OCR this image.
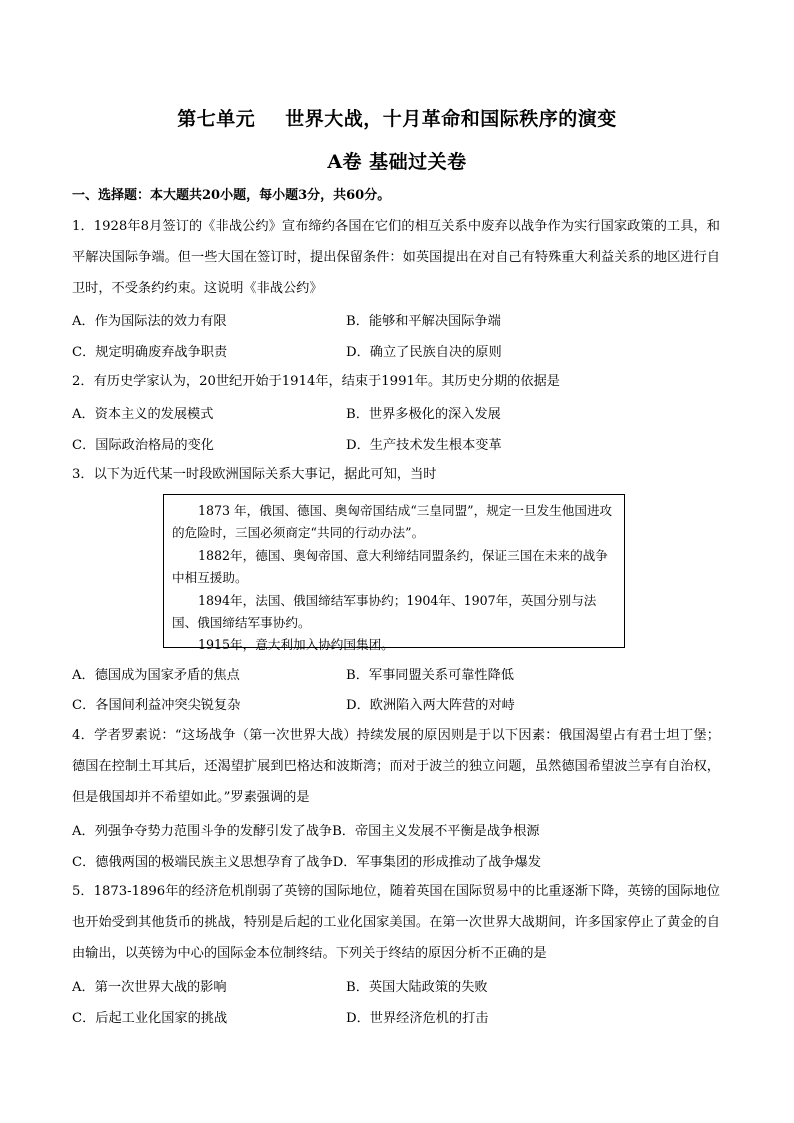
第七单元 世界大战，十月革命和国际秩序的演变
A卷 基础过关卷
一、选择题：本大题共20小题，每小题3分，共60分。
1．1928年8月签订的《非战公约》宣布缔约各国在它们的相互关系中废弃以战争作为实行国家政策的工具，和平解决国际争端。但一些大国在签订时，提出保留条件：如英国提出在对自己有特殊重大利益关系的地区进行自卫时，不受条约约束。这说明《非战公约》
A．作为国际法的效力有限	B．能够和平解决国际争端
C．规定明确废弃战争职责	D．确立了民族自决的原则
2．有历史学家认为，20世纪开始于1914年，结束于1991年。其历史分期的依据是
A．资本主义的发展模式	B．世界多极化的深入发展
C．国际政治格局的变化	D．生产技术发生根本变革
3．以下为近代某一时段欧洲国际关系大事记，据此可知，当时

1873 年，俄国、德国、奥匈帝国结成“三皇同盟”，规定一旦发生他国进攻的危险时，三国必须商定“共同的行动办法”。

1882年，德国、奥匈帝国、意大利缔结同盟条约，保证三国在未来的战争中相互援助。

1894年，法国、俄国缔结军事协约；1904年、1907年，英国分别与法国、俄国缔结军事协约。

1915年，意大利加入协约国集团。

A．德国成为国家矛盾的焦点	B．军事同盟关系可靠性降低
C．各国间利益冲突尖锐复杂	D．欧洲陷入两大阵营的对峙
4．学者罗素说：“这场战争（第一次世界大战）持续发展的原因则是于以下因素：俄国渴望占有君士坦丁堡；德国在控制土耳其后，还渴望扩展到巴格达和波斯湾；而对于波兰的独立问题，虽然德国希望波兰享有自治权，但是俄国却并不希望如此。”罗素强调的是
A．列强争夺势力范围斗争的发酵引发了战争B．帝国主义发展不平衡是战争根源
C．德俄两国的极端民族主义思想孕育了战争D．军事集团的形成推动了战争爆发
5．1873-1896年的经济危机削弱了英镑的国际地位，随着英国在国际贸易中的比重逐渐下降，英镑的国际地位也开始受到其他货币的挑战，特别是后起的工业化国家美国。在第一次世界大战期间，许多国家停止了黄金的自由输出，以英镑为中心的国际金本位制终结。下列关于终结的原因分析不正确的是
A．第一次世界大战的影响	B．英国大陆政策的失败
C．后起工业化国家的挑战	D．世界经济危机的打击
